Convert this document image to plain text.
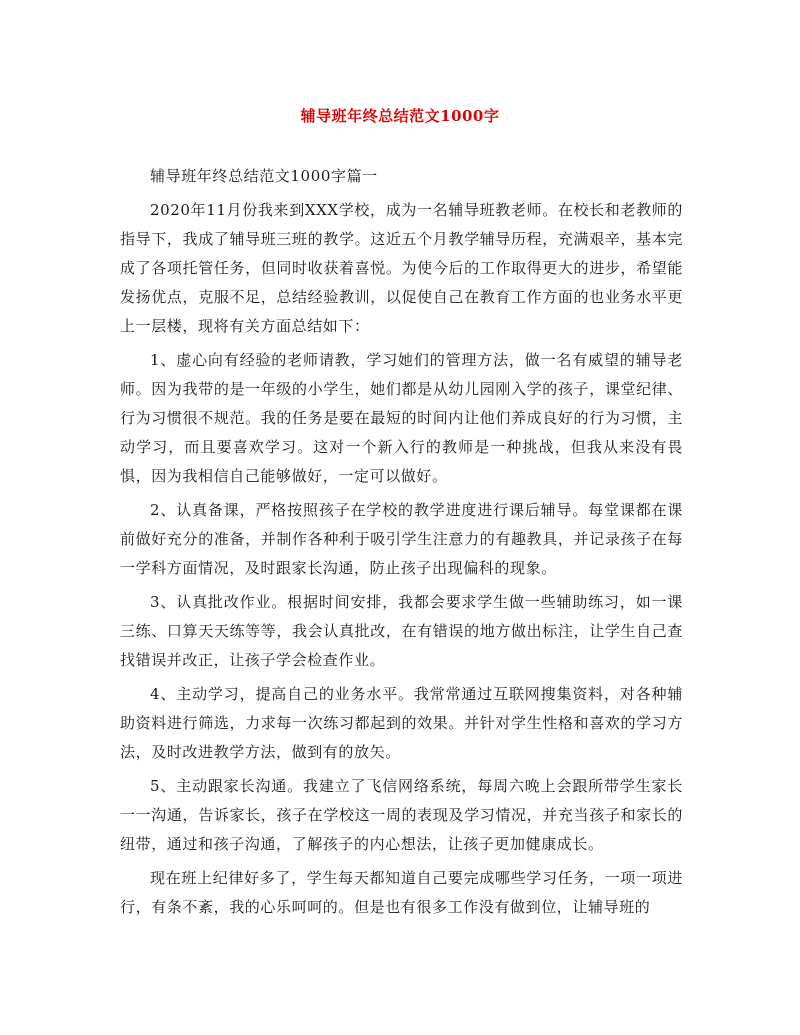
辅导班年终总结范文1000字

辅导班年终总结范文1000字篇一

2020年11月份我来到XXX学校，成为一名辅导班教老师。在校长和老教师的指导下，我成了辅导班三班的教学。这近五个月教学辅导历程，充满艰辛，基本完成了各项托管任务，但同时收获着喜悦。为使今后的工作取得更大的进步，希望能发扬优点，克服不足，总结经验教训，以促使自己在教育工作方面的也业务水平更上一层楼，现将有关方面总结如下：

1、虚心向有经验的老师请教，学习她们的管理方法，做一名有威望的辅导老师。因为我带的是一年级的小学生，她们都是从幼儿园刚入学的孩子，课堂纪律、行为习惯很不规范。我的任务是要在最短的时间内让他们养成良好的行为习惯，主动学习，而且要喜欢学习。这对一个新入行的教师是一种挑战，但我从来没有畏惧，因为我相信自己能够做好，一定可以做好。

2、认真备课，严格按照孩子在学校的教学进度进行课后辅导。每堂课都在课前做好充分的准备，并制作各种利于吸引学生注意力的有趣教具，并记录孩子在每一学科方面情况，及时跟家长沟通，防止孩子出现偏科的现象。

3、认真批改作业。根据时间安排，我都会要求学生做一些辅助练习，如一课三练、口算天天练等等，我会认真批改，在有错误的地方做出标注，让学生自己查找错误并改正，让孩子学会检查作业。

4、主动学习，提高自己的业务水平。我常常通过互联网搜集资料，对各种辅助资料进行筛选，力求每一次练习都起到的效果。并针对学生性格和喜欢的学习方法，及时改进教学方法，做到有的放矢。

5、主动跟家长沟通。我建立了飞信网络系统，每周六晚上会跟所带学生家长一一沟通，告诉家长，孩子在学校这一周的表现及学习情况，并充当孩子和家长的纽带，通过和孩子沟通，了解孩子的内心想法，让孩子更加健康成长。

现在班上纪律好多了，学生每天都知道自己要完成哪些学习任务，一项一项进行，有条不紊，我的心乐呵呵的。但是也有很多工作没有做到位，让辅导班的
